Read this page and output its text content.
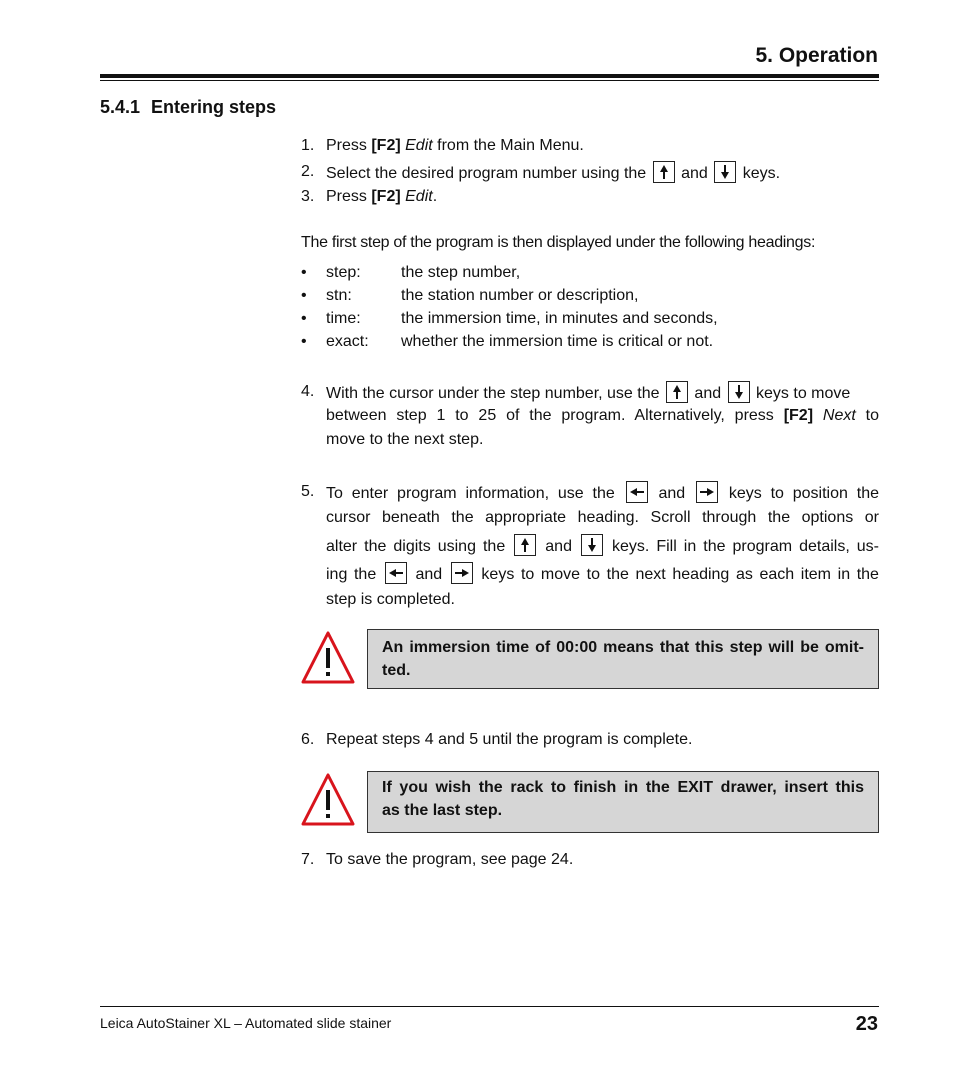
5. Operation
5.4.1 Entering steps
1. Press [F2] Edit from the Main Menu.
2. Select the desired program number using the and keys.
3. Press [F2] Edit.
The first step of the program is then displayed under the following headings:
• step:	the step number,
• stn:	the station number or description,
• time:	the immersion time, in minutes and seconds,
• exact: whether the immersion time is critical or not.
4. With the cursor under the step number, use the and keys to move
between step 1 to 25 of the program. Alternatively, press [F2] Next to
move to the next step.
5. To enter program information, use the	and	keys to position the
cursor beneath the appropriate heading. Scroll through the options or
alter the digits using the	and	keys. Fill in the program details, us-
ing the and keys to move to the next heading as each item in the
step is completed.
An immersion time of 00:00 means that this step will be omit-
ted.
6. Repeat steps 4 and 5 until the program is complete.
If you wish the rack to finish in the EXIT drawer, insert this
as the last step.
7. To save the program, see page 24.
Leica AutoStainer XL – Automated slide stainer	23
